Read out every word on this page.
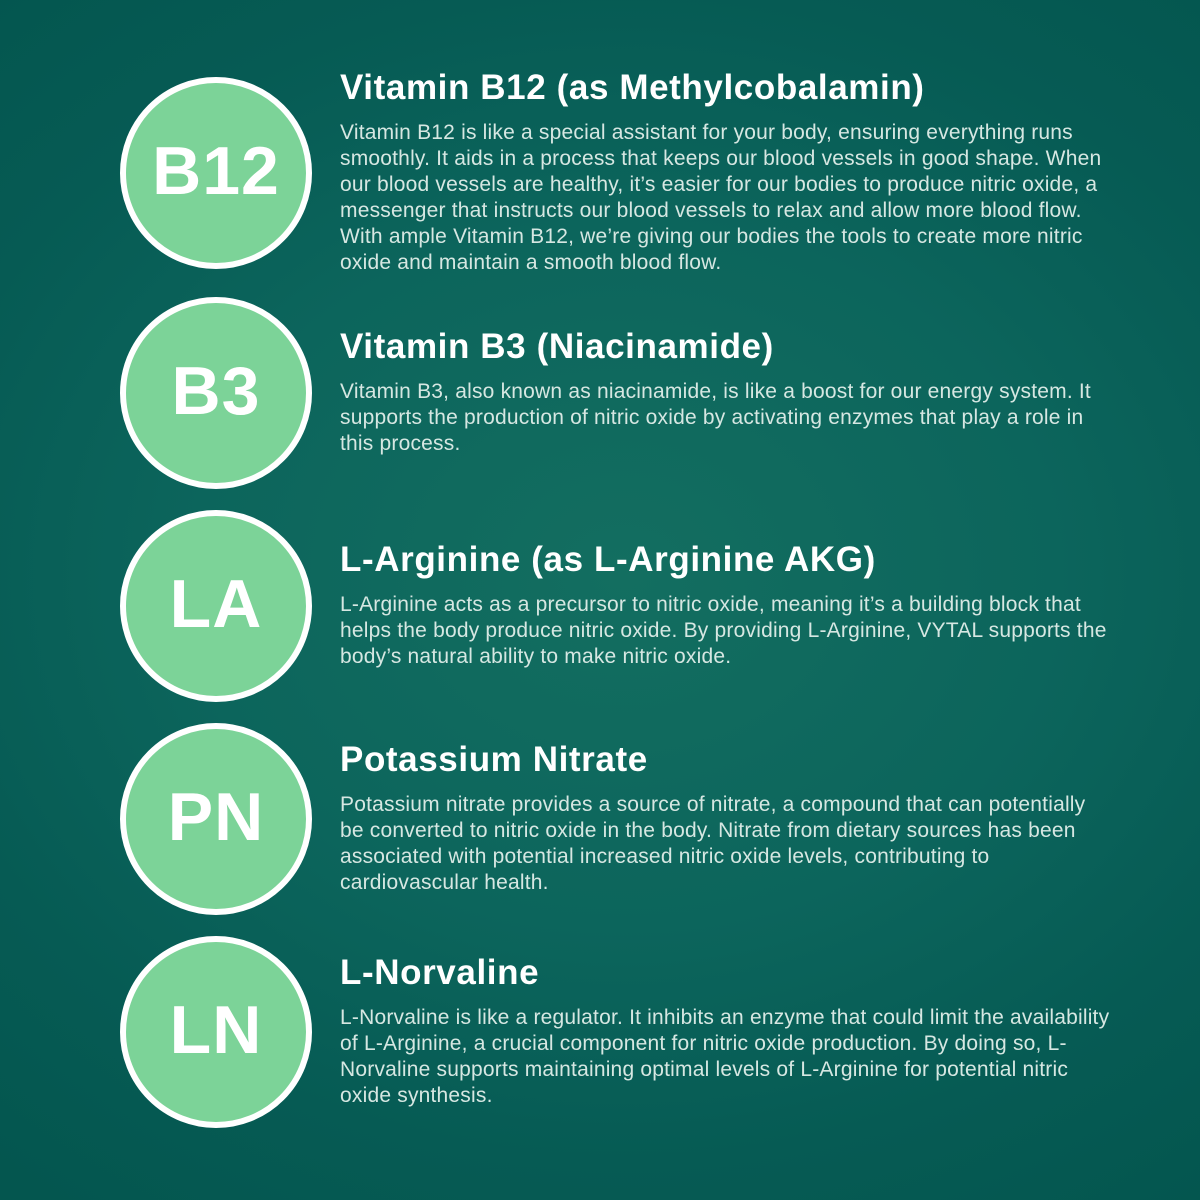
B12
Vitamin B12 (as Methylcobalamin)

Vitamin B12 is like a special assistant for your body, ensuring everything runs smoothly. It aids in a process that keeps our blood vessels in good shape. When our blood vessels are healthy, it’s easier for our bodies to produce nitric oxide, a messenger that instructs our blood vessels to relax and allow more blood flow. With ample Vitamin B12, we’re giving our bodies the tools to create more nitric oxide and maintain a smooth blood flow.

B3
Vitamin B3 (Niacinamide)

Vitamin B3, also known as niacinamide, is like a boost for our energy system. It supports the production of nitric oxide by activating enzymes that play a role in this process.

LA
L-Arginine (as L-Arginine AKG)

L-Arginine acts as a precursor to nitric oxide, meaning it’s a building block that helps the body produce nitric oxide. By providing L-Arginine, VYTAL supports the body’s natural ability to make nitric oxide.

PN
Potassium Nitrate

Potassium nitrate provides a source of nitrate, a compound that can potentially be converted to nitric oxide in the body. Nitrate from dietary sources has been associated with potential increased nitric oxide levels, contributing to cardiovascular health.

LN
L-Norvaline

L-Norvaline is like a regulator. It inhibits an enzyme that could limit the availability of L-Arginine, a crucial component for nitric oxide production. By doing so, L-Norvaline supports maintaining optimal levels of L-Arginine for potential nitric oxide synthesis.
